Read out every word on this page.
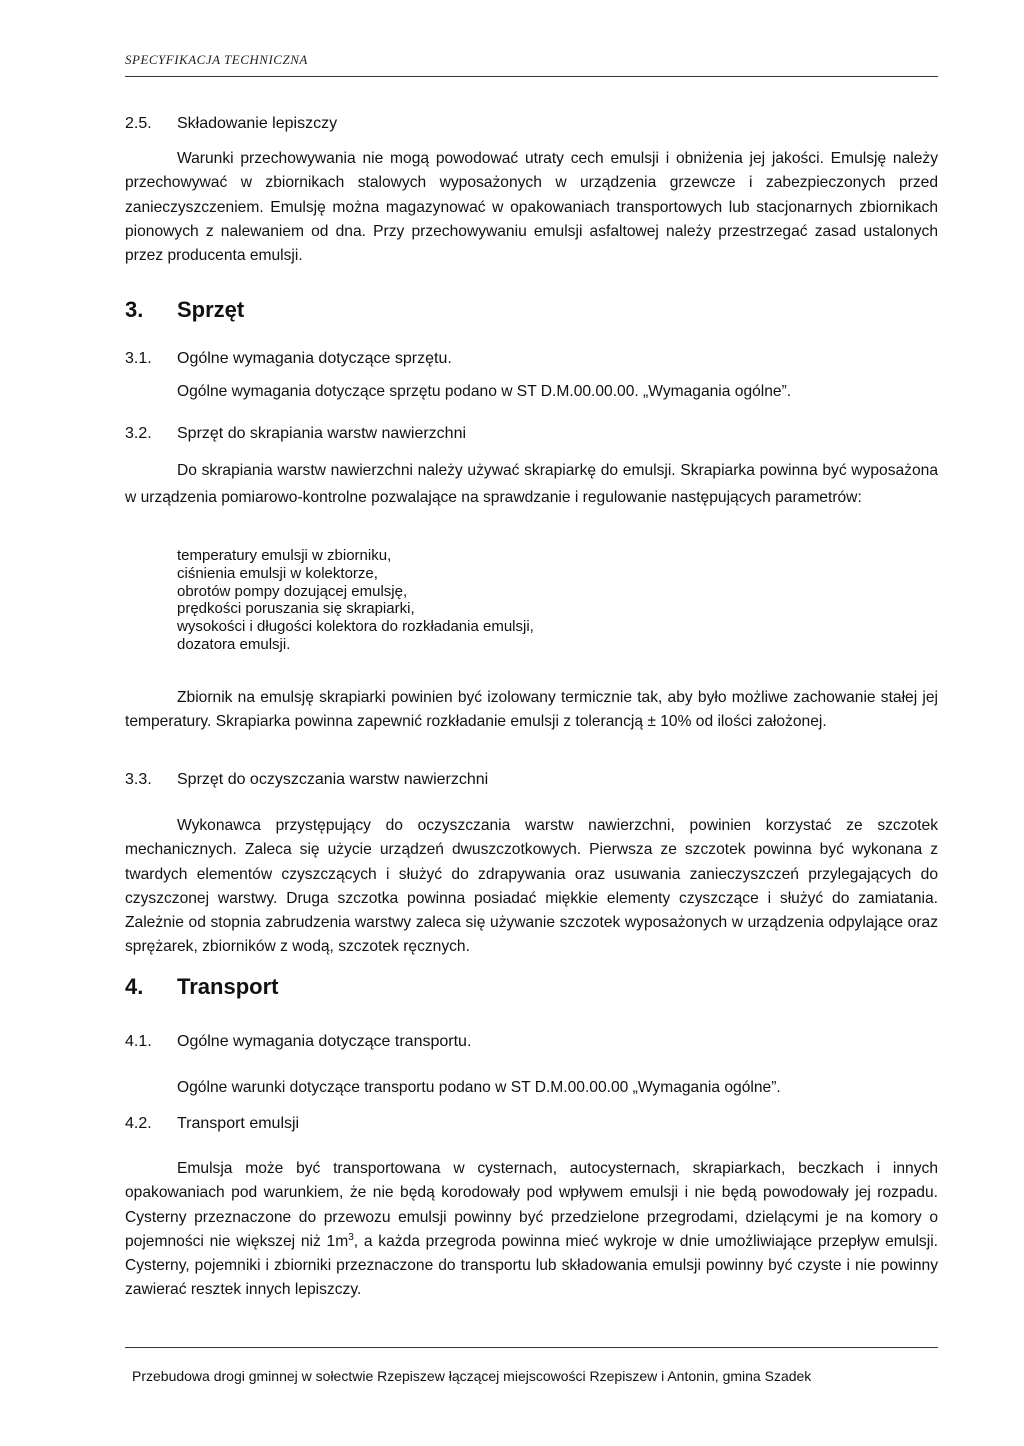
SPECYFIKACJA TECHNICZNA
2.5. Składowanie lepiszczy

Warunki przechowywania nie mogą powodować utraty cech emulsji i obniżenia jej jakości. Emulsję należy przechowywać w zbiornikach stalowych wyposażonych w urządzenia grzewcze i zabezpieczonych przed zanieczyszczeniem. Emulsję można magazynować w opakowaniach transportowych lub stacjonarnych zbiornikach pionowych z nalewaniem od dna. Przy przechowywaniu emulsji asfaltowej należy przestrzegać zasad ustalonych przez producenta emulsji.

3. Sprzęt
3.1. Ogólne wymagania dotyczące sprzętu.
Ogólne wymagania dotyczące sprzętu podano w ST D.M.00.00.00. „Wymagania ogólne”.
3.2. Sprzęt do skrapiania warstw nawierzchni

Do skrapiania warstw nawierzchni należy używać skrapiarkę do emulsji. Skrapiarka powinna być wyposażona w urządzenia pomiarowo-kontrolne pozwalające na sprawdzanie i regulowanie następujących parametrów:

temperatury emulsji w zbiorniku,
ciśnienia emulsji w kolektorze,
obrotów pompy dozującej emulsję,
prędkości poruszania się skrapiarki,
wysokości i długości kolektora do rozkładania emulsji,
dozatora emulsji.

Zbiornik na emulsję skrapiarki powinien być izolowany termicznie tak, aby było możliwe zachowanie stałej jej temperatury. Skrapiarka powinna zapewnić rozkładanie emulsji z tolerancją ± 10% od ilości założonej.

3.3. Sprzęt do oczyszczania warstw nawierzchni

Wykonawca przystępujący do oczyszczania warstw nawierzchni, powinien korzystać ze szczotek mechanicznych. Zaleca się użycie urządzeń dwuszczotkowych. Pierwsza ze szczotek powinna być wykonana z twardych elementów czyszczących i służyć do zdrapywania oraz usuwania zanieczyszczeń przylegających do czyszczonej warstwy. Druga szczotka powinna posiadać miękkie elementy czyszczące i służyć do zamiatania. Zależnie od stopnia zabrudzenia warstwy zaleca się używanie szczotek wyposażonych w urządzenia odpylające oraz sprężarek, zbiorników z wodą, szczotek ręcznych.

4. Transport
4.1. Ogólne wymagania dotyczące transportu.
Ogólne warunki dotyczące transportu podano w ST D.M.00.00.00 „Wymagania ogólne”.
4.2. Transport emulsji

Emulsja może być transportowana w cysternach, autocysternach, skrapiarkach, beczkach i innych opakowaniach pod warunkiem, że nie będą korodowały pod wpływem emulsji i nie będą powodowały jej rozpadu. Cysterny przeznaczone do przewozu emulsji powinny być przedzielone przegrodami, dzielącymi je na komory o pojemności nie większej niż $1m^3$, a każda przegroda powinna mieć wykroje w dnie umożliwiające przepływ emulsji. Cysterny, pojemniki i zbiorniki przeznaczone do transportu lub składowania emulsji powinny być czyste i nie powinny zawierać resztek innych lepiszczy.

Przebudowa drogi gminnej w sołectwie Rzepiszew łączącej miejscowości Rzepiszew i Antonin, gmina Szadek
